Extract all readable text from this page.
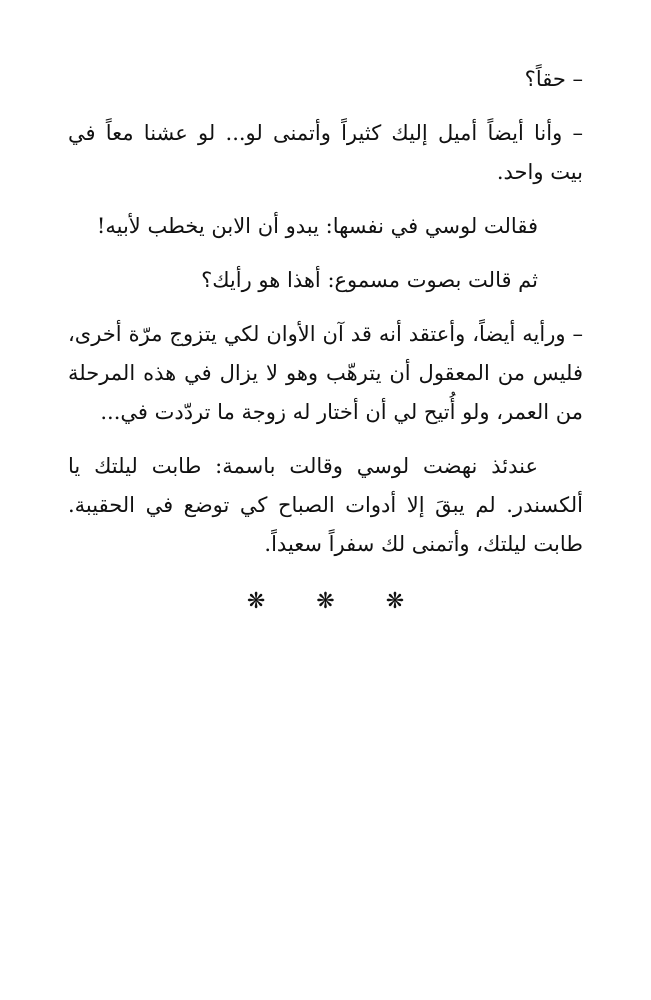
– حقاً؟

– وأنا أيضاً أميل إليك كثيراً وأتمنى لو... لو عشنا معاً في بيت واحد.

فقالت لوسي في نفسها: يبدو أن الابن يخطب لأبيه!

ثم قالت بصوت مسموع: أهذا هو رأيك؟

– ورأيه أيضاً، وأعتقد أنه قد آن الأوان لكي يتزوج مرّة أخرى، فليس من المعقول أن يترهّب وهو لا يزال في هذه المرحلة من العمر، ولو أُتيح لي أن أختار له زوجة ما تردّدت في...

عندئذ نهضت لوسي وقالت باسمة: طابت ليلتك يا ألكسندر. لم يبقَ إلا أدوات الصباح كي توضع في الحقيبة. طابت ليلتك، وأتمنى لك سفراً سعيداً.

❋ ❋ ❋
